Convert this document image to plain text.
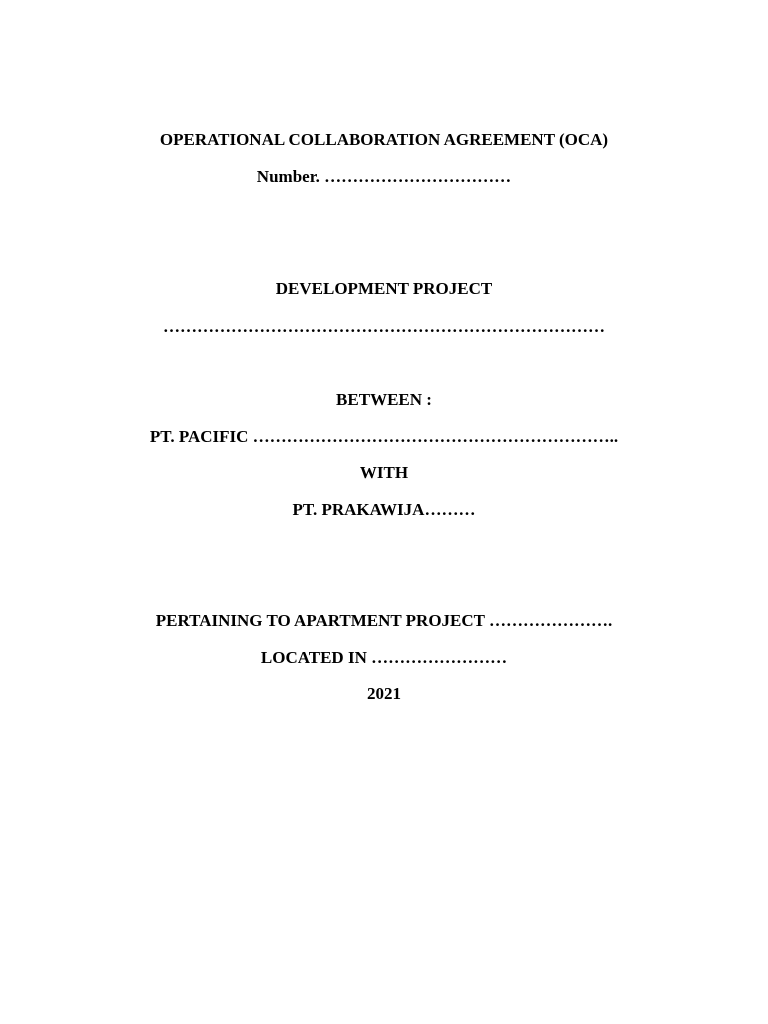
OPERATIONAL COLLABORATION AGREEMENT (OCA)
Number. ……………………………
DEVELOPMENT PROJECT
……………………………………………………………………
BETWEEN :
PT. PACIFIC ………………………………………………………..
WITH
PT. PRAKAWIJA………
PERTAINING TO APARTMENT PROJECT ………………….
LOCATED IN ……………………
2021
